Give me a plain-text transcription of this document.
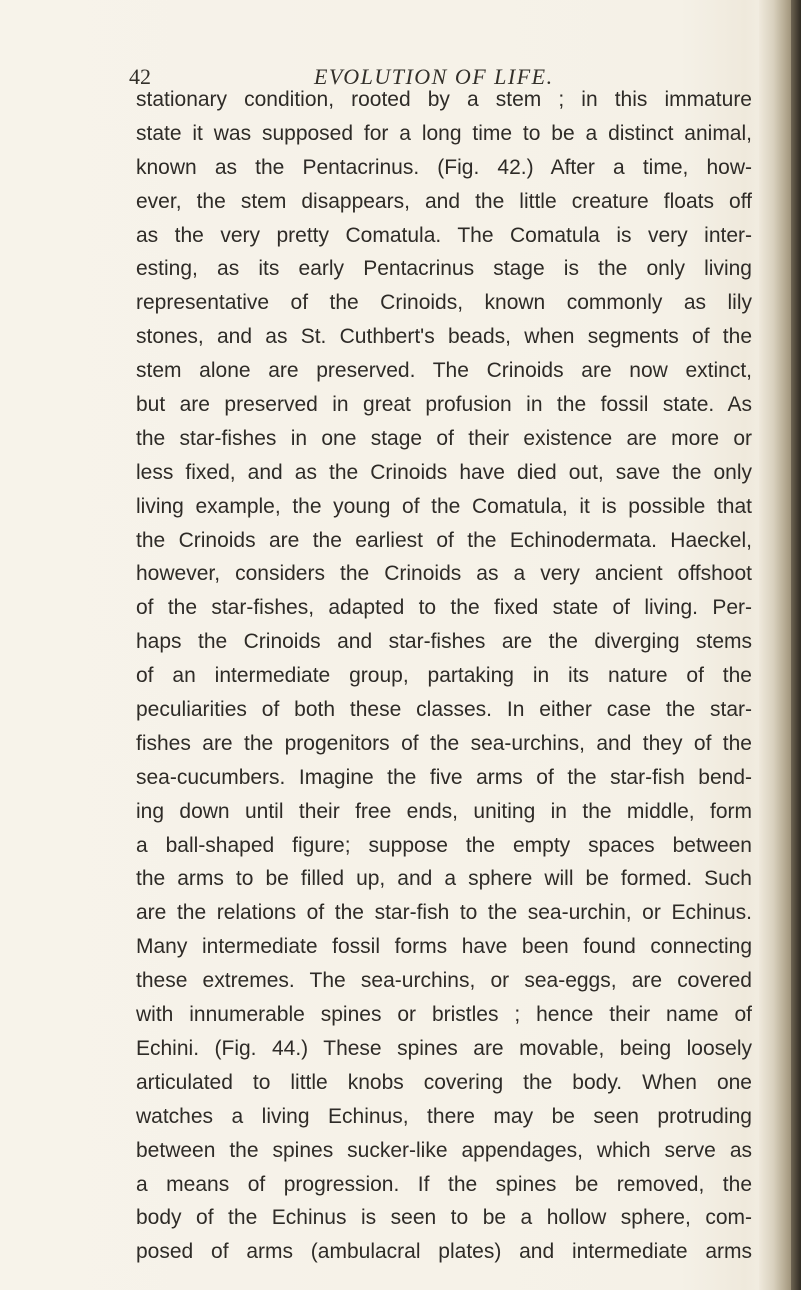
42	EVOLUTION OF LIFE.
stationary condition, rooted by a stem ; in this immature
state it was supposed for a long time to be a distinct animal,
known as the Pentacrinus. (Fig. 42.) After a time, how-
ever, the stem disappears, and the little creature floats off
as the very pretty Comatula. The Comatula is very inter-
esting, as its early Pentacrinus stage is the only living
representative of the Crinoids, known commonly as lily
stones, and as St. Cuthbert's beads, when segments of the
stem alone are preserved. The Crinoids are now extinct,
but are preserved in great profusion in the fossil state. As
the star-fishes in one stage of their existence are more or
less fixed, and as the Crinoids have died out, save the only
living example, the young of the Comatula, it is possible that
the Crinoids are the earliest of the Echinodermata. Haeckel,
however, considers the Crinoids as a very ancient offshoot
of the star-fishes, adapted to the fixed state of living. Per-
haps the Crinoids and star-fishes are the diverging stems
of an intermediate group, partaking in its nature of the
peculiarities of both these classes. In either case the star-
fishes are the progenitors of the sea-urchins, and they of the
sea-cucumbers. Imagine the five arms of the star-fish bend-
ing down until their free ends, uniting in the middle, form
a ball-shaped figure; suppose the empty spaces between
the arms to be filled up, and a sphere will be formed. Such
are the relations of the star-fish to the sea-urchin, or Echinus.
Many intermediate fossil forms have been found connecting
these extremes. The sea-urchins, or sea-eggs, are covered
with innumerable spines or bristles ; hence their name of
Echini. (Fig. 44.) These spines are movable, being loosely
articulated to little knobs covering the body. When one
watches a living Echinus, there may be seen protruding
between the spines sucker-like appendages, which serve as
a means of progression. If the spines be removed, the
body of the Echinus is seen to be a hollow sphere, com-
posed of arms (ambulacral plates) and intermediate arms
